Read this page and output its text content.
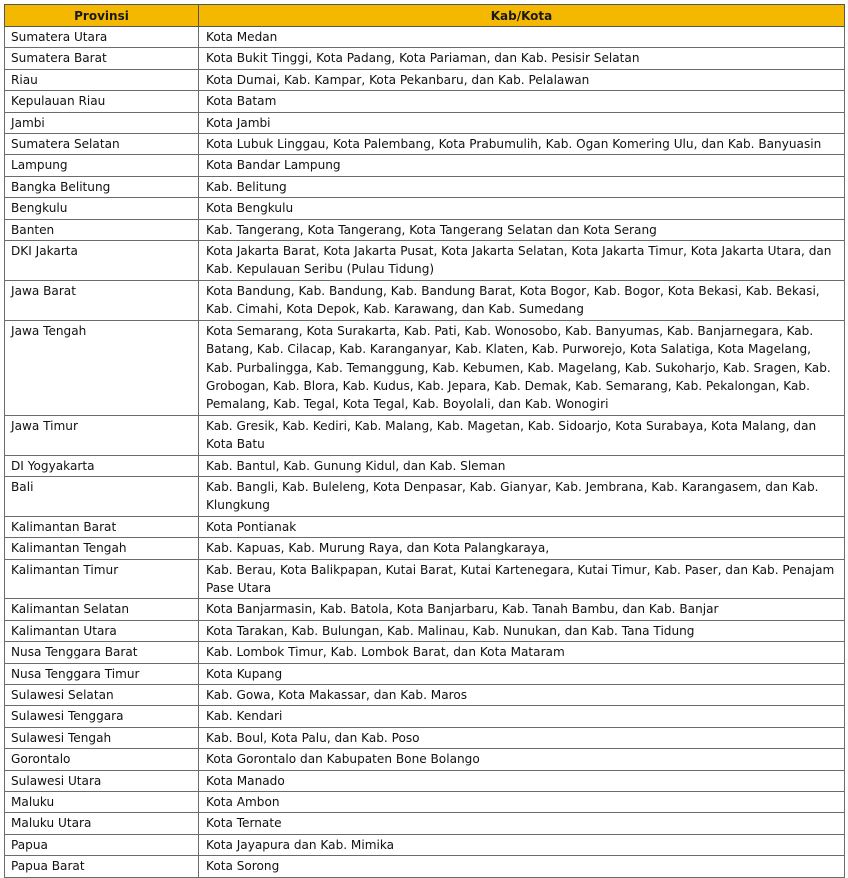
Provinsi	Kab/Kota
Sumatera Utara	Kota Medan
Sumatera Barat	Kota Bukit Tinggi, Kota Padang, Kota Pariaman, dan Kab. Pesisir Selatan
Riau	Kota Dumai, Kab. Kampar, Kota Pekanbaru, dan Kab. Pelalawan
Kepulauan Riau	Kota Batam
Jambi	Kota Jambi
Sumatera Selatan	Kota Lubuk Linggau, Kota Palembang, Kota Prabumulih, Kab. Ogan Komering Ulu, dan Kab. Banyuasin
Lampung	Kota Bandar Lampung
Bangka Belitung	Kab. Belitung
Bengkulu	Kota Bengkulu
Banten	Kab. Tangerang, Kota Tangerang, Kota Tangerang Selatan dan Kota Serang
DKI Jakarta	Kota Jakarta Barat, Kota Jakarta Pusat, Kota Jakarta Selatan, Kota Jakarta Timur, Kota Jakarta Utara, dan Kab. Kepulauan Seribu (Pulau Tidung)
Jawa Barat	Kota Bandung, Kab. Bandung, Kab. Bandung Barat, Kota Bogor, Kab. Bogor, Kota Bekasi, Kab. Bekasi, Kab. Cimahi, Kota Depok, Kab. Karawang, dan Kab. Sumedang
Jawa Tengah	Kota Semarang, Kota Surakarta, Kab. Pati, Kab. Wonosobo, Kab. Banyumas, Kab. Banjarnegara, Kab. Batang, Kab. Cilacap, Kab. Karanganyar, Kab. Klaten, Kab. Purworejo, Kota Salatiga, Kota Magelang, Kab. Purbalingga, Kab. Temanggung, Kab. Kebumen, Kab. Magelang, Kab. Sukoharjo, Kab. Sragen, Kab. Grobogan, Kab. Blora, Kab. Kudus, Kab. Jepara, Kab. Demak, Kab. Semarang, Kab. Pekalongan, Kab. Pemalang, Kab. Tegal, Kota Tegal, Kab. Boyolali, dan Kab. Wonogiri
Jawa Timur	Kab. Gresik, Kab. Kediri, Kab. Malang, Kab. Magetan, Kab. Sidoarjo, Kota Surabaya, Kota Malang, dan Kota Batu
DI Yogyakarta	Kab. Bantul, Kab. Gunung Kidul, dan Kab. Sleman
Bali	Kab. Bangli, Kab. Buleleng, Kota Denpasar, Kab. Gianyar, Kab. Jembrana, Kab. Karangasem, dan Kab. Klungkung
Kalimantan Barat	Kota Pontianak
Kalimantan Tengah	Kab. Kapuas, Kab. Murung Raya, dan Kota Palangkaraya,
Kalimantan Timur	Kab. Berau, Kota Balikpapan, Kutai Barat, Kutai Kartenegara, Kutai Timur, Kab. Paser, dan Kab. Penajam Pase Utara
Kalimantan Selatan	Kota Banjarmasin, Kab. Batola, Kota Banjarbaru, Kab. Tanah Bambu, dan Kab. Banjar
Kalimantan Utara	Kota Tarakan, Kab. Bulungan, Kab. Malinau, Kab. Nunukan, dan Kab. Tana Tidung
Nusa Tenggara Barat	Kab. Lombok Timur, Kab. Lombok Barat, dan Kota Mataram
Nusa Tenggara Timur	Kota Kupang
Sulawesi Selatan	Kab. Gowa, Kota Makassar, dan Kab. Maros
Sulawesi Tenggara	Kab. Kendari
Sulawesi Tengah	Kab. Boul, Kota Palu, dan Kab. Poso
Gorontalo	Kota Gorontalo dan Kabupaten Bone Bolango
Sulawesi Utara	Kota Manado
Maluku	Kota Ambon
Maluku Utara	Kota Ternate
Papua	Kota Jayapura dan Kab. Mimika
Papua Barat	Kota Sorong
